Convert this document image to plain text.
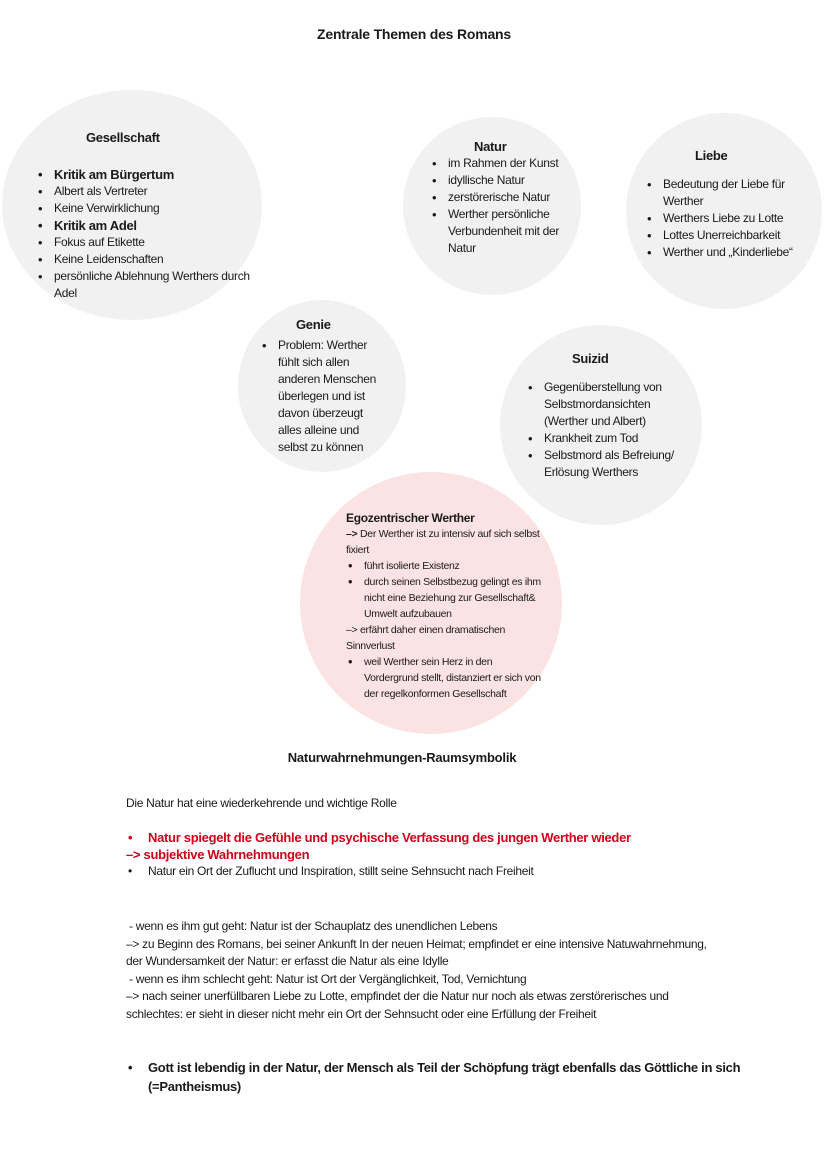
Zentrale Themen des Romans
Gesellschaft
• Kritik am Bürgertum
• Albert als Vertreter
• Keine Verwirklichung
• Kritik am Adel
• Fokus auf Etikette
• Keine Leidenschaften
• persönliche Ablehnung Werthers durch Adel
Natur
• im Rahmen der Kunst
• idyllische Natur
• zerstörerische Natur
• Werther persönliche Verbundenheit mit der Natur
Liebe
• Bedeutung der Liebe für Werther
• Werthers Liebe zu Lotte
• Lottes Unerreichbarkeit
• Werther und „Kinderliebe“
Genie
• Problem: Werther fühlt sich allen anderen Menschen überlegen und ist davon überzeugt alles alleine und selbst zu können
Suizid
• Gegenüberstellung von Selbstmordansichten (Werther und Albert)
• Krankheit zum Tod
• Selbstmord als Befreiung/ Erlösung Werthers
Egozentrischer Werther
–> Der Werther ist zu intensiv auf sich selbst fixiert
• führt isolierte Existenz
• durch seinen Selbstbezug gelingt es ihm nicht eine Beziehung zur Gesellschaft& Umwelt aufzubauen
–> erfährt daher einen dramatischen Sinnverlust
• weil Werther sein Herz in den Vordergrund stellt, distanziert er sich von der regelkonformen Gesellschaft
Naturwahrnehmungen-Raumsymbolik
Die Natur hat eine wiederkehrende und wichtige Rolle
• Natur spiegelt die Gefühle und psychische Verfassung des jungen Werther wieder
–> subjektive Wahrnehmungen
• Natur ein Ort der Zuflucht und Inspiration, stillt seine Sehnsucht nach Freiheit
- wenn es ihm gut geht: Natur ist der Schauplatz des unendlichen Lebens
–> zu Beginn des Romans, bei seiner Ankunft In der neuen Heimat; empfindet er eine intensive Natuwahrnehmung,
der Wundersamkeit der Natur: er erfasst die Natur als eine Idylle
- wenn es ihm schlecht geht: Natur ist Ort der Vergänglichkeit, Tod, Vernichtung
–> nach seiner unerfüllbaren Liebe zu Lotte, empfindet der die Natur nur noch als etwas zerstörerisches und
schlechtes: er sieht in dieser nicht mehr ein Ort der Sehnsucht oder eine Erfüllung der Freiheit
• Gott ist lebendig in der Natur, der Mensch als Teil der Schöpfung trägt ebenfalls das Göttliche in sich (=Pantheismus)
